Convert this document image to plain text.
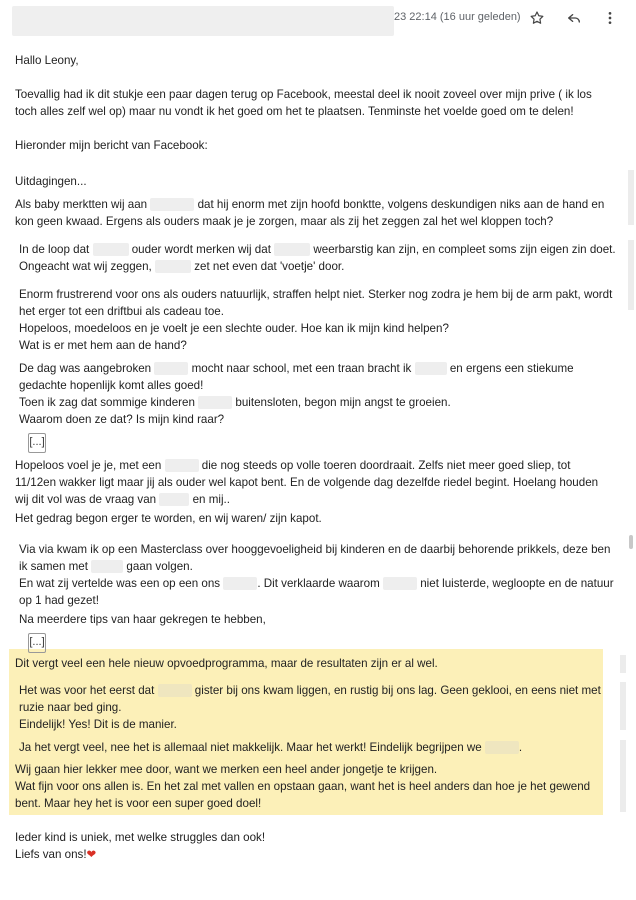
23 22:14 (16 uur geleden)
Hallo Leony,
Toevallig had ik dit stukje een paar dagen terug op Facebook, meestal deel ik nooit zoveel over mijn prive ( ik los
toch alles zelf wel op) maar nu vondt ik het goed om het te plaatsen. Tenminste het voelde goed om te delen!
Hieronder mijn bericht van Facebook:
Uitdagingen...
Als baby merktten wij aan	dat hij enorm met zijn hoofd bonktte, volgens deskundigen niks aan de hand en
kon geen kwaad. Ergens als ouders maak je je zorgen, maar als zij het zeggen zal het wel kloppen toch?
In de loop dat	ouder wordt merken wij dat	weerbarstig kan zijn, en compleet soms zijn eigen zin doet.
Ongeacht wat wij zeggen,	zet net even dat 'voetje' door.
Enorm frustrerend voor ons als ouders natuurlijk, straffen helpt niet. Sterker nog zodra je hem bij de arm pakt, wordt
het erger tot een driftbui als cadeau toe.
Hopeloos, moedeloos en je voelt je een slechte ouder. Hoe kan ik mijn kind helpen?
Wat is er met hem aan de hand?
De dag was aangebroken	mocht naar school, met een traan bracht ik	en ergens een stiekume
gedachte hopenlijk komt alles goed!
Toen ik zag dat sommige kinderen	buitensloten, begon mijn angst te groeien.
Waarom doen ze dat? Is mijn kind raar?
[...]
Hopeloos voel je je, met een	die nog steeds op volle toeren doordraait. Zelfs niet meer goed sliep, tot
11/12en wakker ligt maar jij als ouder wel kapot bent. En de volgende dag dezelfde riedel begint. Hoelang houden
wij dit vol was de vraag van	en mij..
Het gedrag begon erger te worden, en wij waren/ zijn kapot.
Via via kwam ik op een Masterclass over hooggevoeligheid bij kinderen en de daarbij behorende prikkels, deze ben
ik samen met	gaan volgen.
En wat zij vertelde was een op een ons	. Dit verklaarde waarom	niet luisterde, wegloopte en de natuur
op 1 had gezet!
Na meerdere tips van haar gekregen te hebben,
[...]
Dit vergt veel een hele nieuw opvoedprogramma, maar de resultaten zijn er al wel.
Het was voor het eerst dat	gister bij ons kwam liggen, en rustig bij ons lag. Geen geklooi, en eens niet met
ruzie naar bed ging.
Eindelijk! Yes! Dit is de manier.
Ja het vergt veel, nee het is allemaal niet makkelijk. Maar het werkt! Eindelijk begrijpen we	.
Wij gaan hier lekker mee door, want we merken een heel ander jongetje te krijgen.
Wat fijn voor ons allen is. En het zal met vallen en opstaan gaan, want het is heel anders dan hoe je het gewend
bent. Maar hey het is voor een super goed doel!
Ieder kind is uniek, met welke struggles dan ook!
Liefs van ons!❤
